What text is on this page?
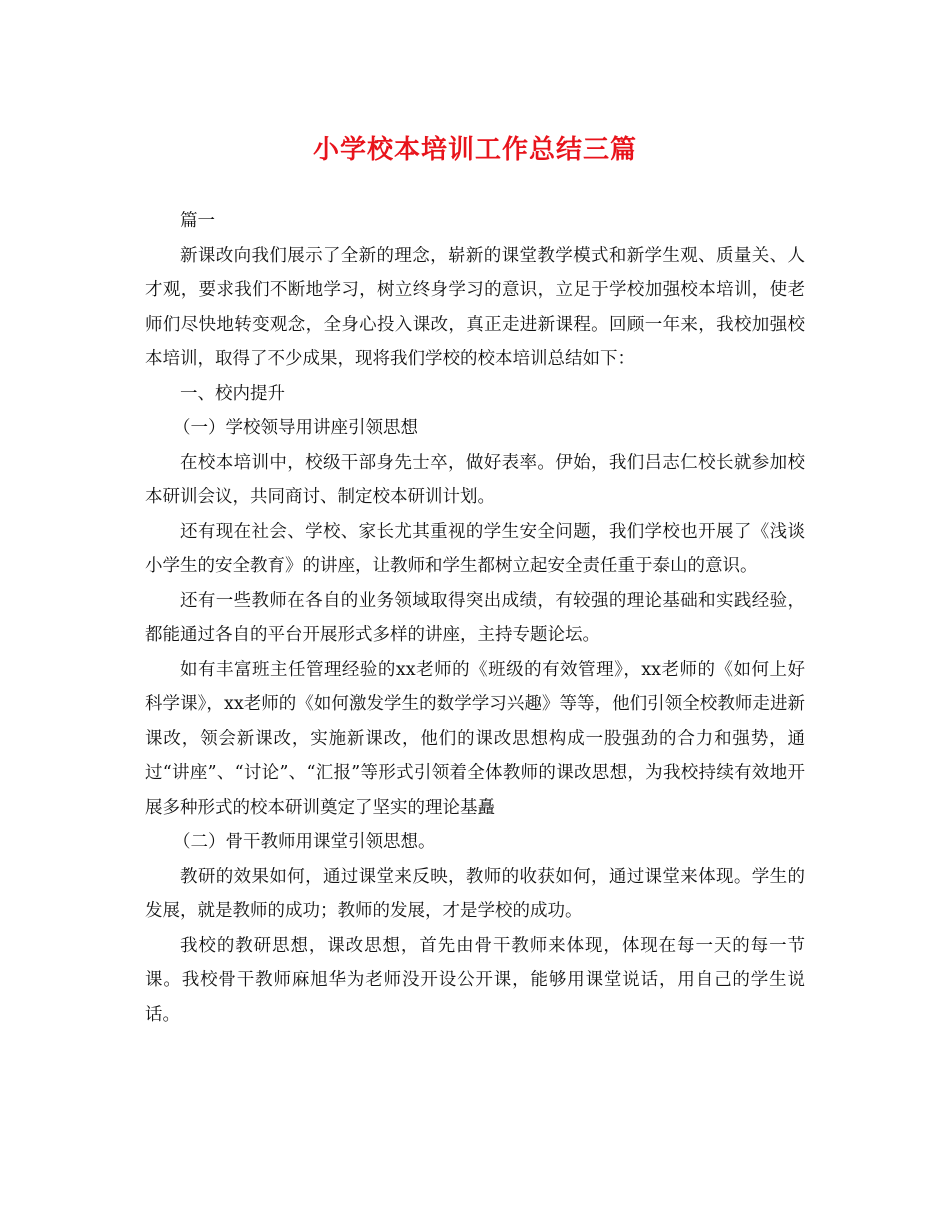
小学校本培训工作总结三篇

篇一

新课改向我们展示了全新的理念，崭新的课堂教学模式和新学生观、质量关、人才观，要求我们不断地学习，树立终身学习的意识，立足于学校加强校本培训，使老师们尽快地转变观念，全身心投入课改，真正走进新课程。回顾一年来，我校加强校本培训，取得了不少成果，现将我们学校的校本培训总结如下：

一、校内提升

（一）学校领导用讲座引领思想

在校本培训中，校级干部身先士卒，做好表率。伊始，我们吕志仁校长就参加校本研训会议，共同商讨、制定校本研训计划。

还有现在社会、学校、家长尤其重视的学生安全问题，我们学校也开展了《浅谈小学生的安全教育》的讲座，让教师和学生都树立起安全责任重于泰山的意识。

还有一些教师在各自的业务领域取得突出成绩，有较强的理论基础和实践经验，都能通过各自的平台开展形式多样的讲座，主持专题论坛。

如有丰富班主任管理经验的xx老师的《班级的有效管理》，xx老师的《如何上好科学课》，xx老师的《如何激发学生的数学学习兴趣》等等，他们引领全校教师走进新课改，领会新课改，实施新课改，他们的课改思想构成一股强劲的合力和强势，通过“讲座”、“讨论”、“汇报”等形式引领着全体教师的课改思想，为我校持续有效地开展多种形式的校本研训奠定了坚实的理论基矗

（二）骨干教师用课堂引领思想。

教研的效果如何，通过课堂来反映，教师的收获如何，通过课堂来体现。学生的发展，就是教师的成功；教师的发展，才是学校的成功。

我校的教研思想，课改思想，首先由骨干教师来体现，体现在每一天的每一节课。我校骨干教师麻旭华为老师没开设公开课，能够用课堂说话，用自己的学生说话。
